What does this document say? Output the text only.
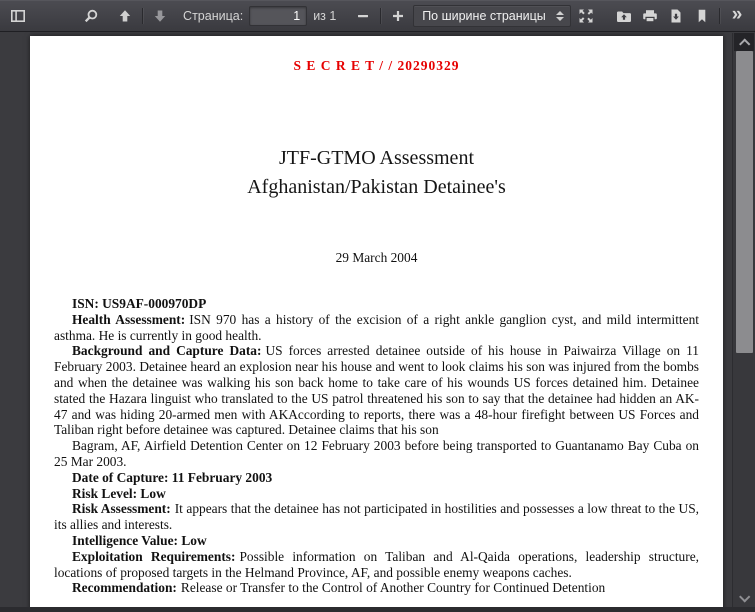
Страница:
1	из 1	По ширине страницы	»
S E C R E T / / 20290329
JTF-GTMO Assessment
Afghanistan/Pakistan Detainee's
29 March 2004

ISN: US9AF-000970DP

Health Assessment: ISN 970 has a history of the excision of a right ankle ganglion cyst, and mild intermittent asthma. He is currently in good health.

Background and Capture Data: US forces arrested detainee outside of his house in Paiwairza Village on 11 February 2003. Detainee heard an explosion near his house and went to look claims his son was injured from the bombs and when the detainee was walking his son back home to take care of his wounds US forces detained him. Detainee stated the Hazara linguist who translated to the US patrol threatened his son to say that the detainee had hidden an AK-47 and was hiding 20-armed men with AKAccording to reports, there was a 48-hour firefight between US Forces and Taliban right before detainee was captured. Detainee claims that his son

Bagram, AF, Airfield Detention Center on 12 February 2003 before being transported to Guantanamo Bay Cuba on 25 Mar 2003.

Date of Capture: 11 February 2003

Risk Level: Low

Risk Assessment: It appears that the detainee has not participated in hostilities and possesses a low threat to the US, its allies and interests.

Intelligence Value: Low

Exploitation Requirements: Possible information on Taliban and Al-Qaida operations, leadership structure, locations of proposed targets in the Helmand Province, AF, and possible enemy weapons caches.

Recommendation: Release or Transfer to the Control of Another Country for Continued Detention
